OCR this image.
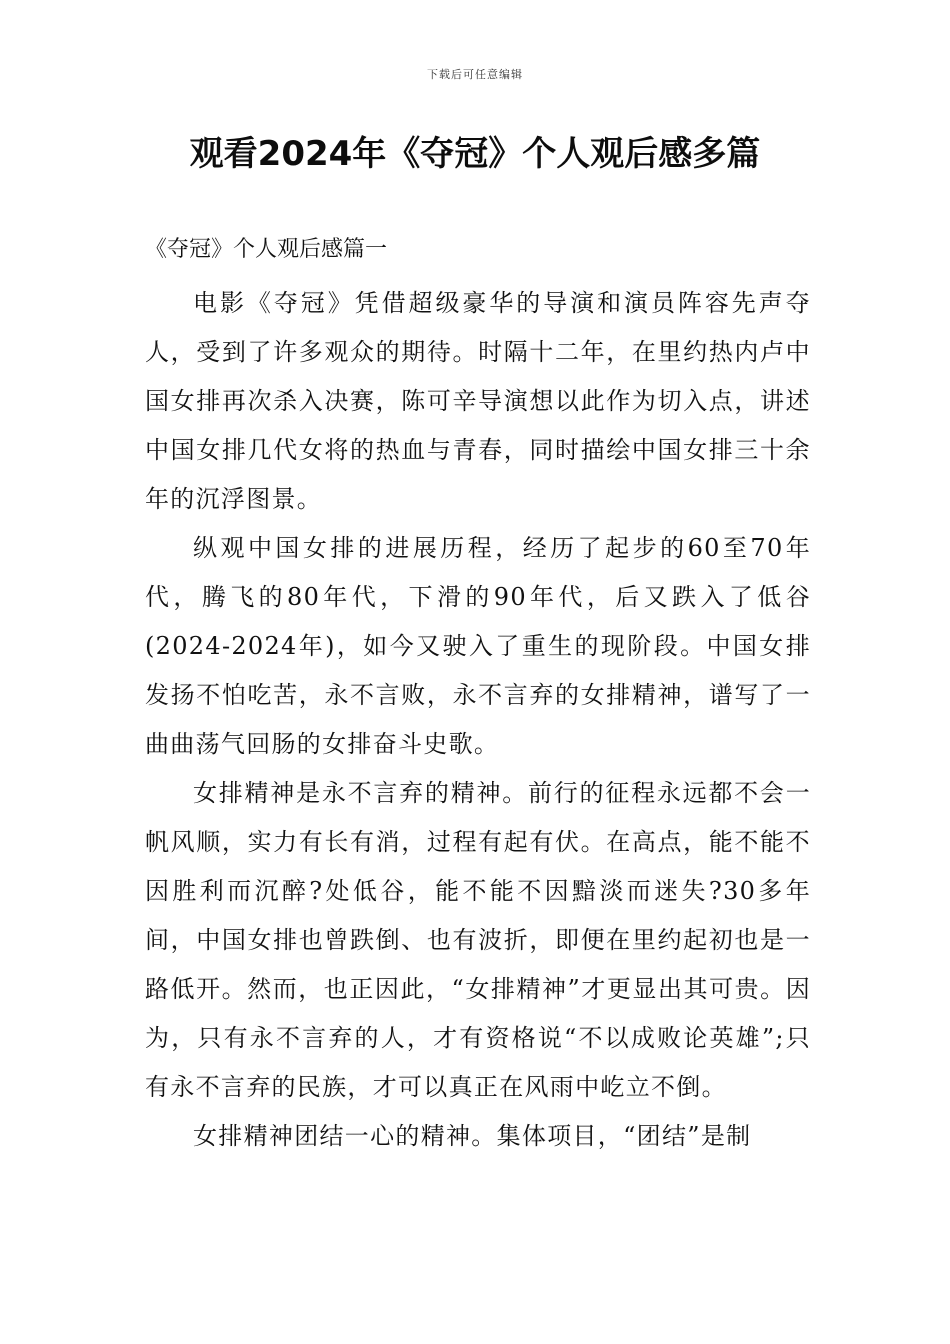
下载后可任意编辑
观看2024年《夺冠》个人观后感多篇
《夺冠》个人观后感篇一

电影《夺冠》凭借超级豪华的导演和演员阵容先声夺人，受到了许多观众的期待。时隔十二年，在里约热内卢中国女排再次杀入决赛，陈可辛导演想以此作为切入点，讲述中国女排几代女将的热血与青春，同时描绘中国女排三十余年的沉浮图景。

纵观中国女排的进展历程，经历了起步的60至70年代，腾飞的80年代，下滑的90年代，后又跌入了低谷(2024-2024年)，如今又驶入了重生的现阶段。中国女排发扬不怕吃苦，永不言败，永不言弃的女排精神，谱写了一曲曲荡气回肠的女排奋斗史歌。

女排精神是永不言弃的精神。前行的征程永远都不会一帆风顺，实力有长有消，过程有起有伏。在高点，能不能不因胜利而沉醉?处低谷，能不能不因黯淡而迷失?30多年间，中国女排也曾跌倒、也有波折，即便在里约起初也是一路低开。然而，也正因此，“女排精神”才更显出其可贵。因为，只有永不言弃的人，才有资格说“不以成败论英雄”;只有永不言弃的民族，才可以真正在风雨中屹立不倒。

女排精神团结一心的精神。集体项目，“团结”是制
